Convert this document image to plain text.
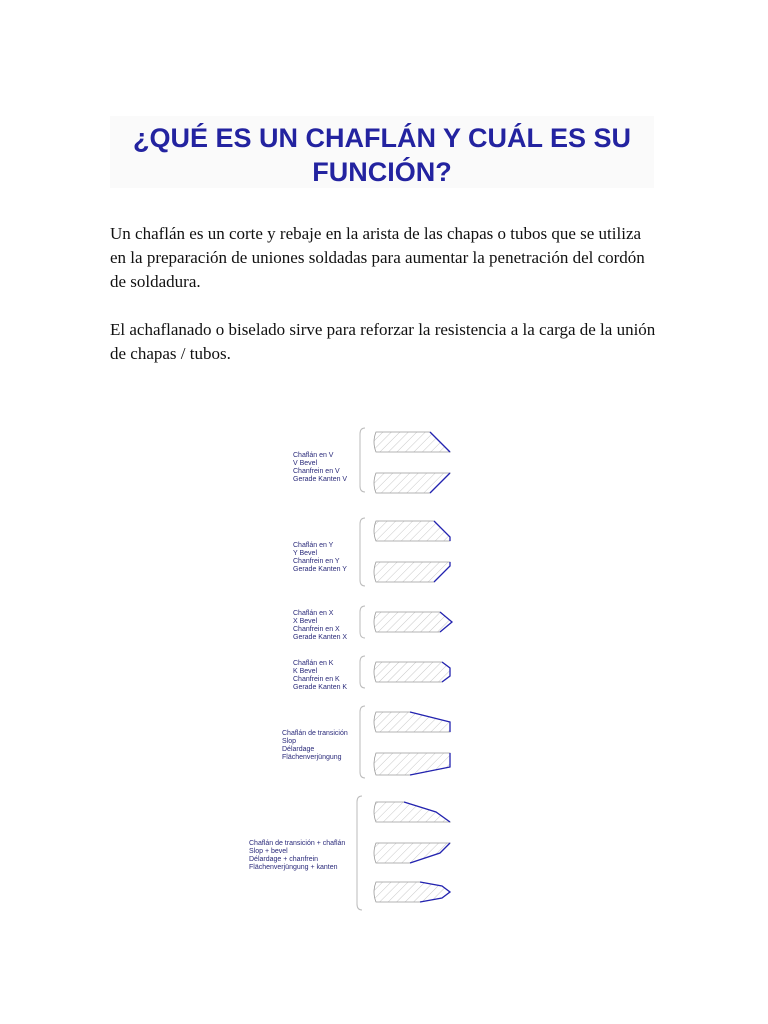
¿QUÉ ES UN CHAFLÁN Y CUÁL ES SU
FUNCIÓN?

Un chaflán es un corte y rebaje en la arista de las chapas o tubos que se utiliza en la preparación de uniones soldadas para aumentar la penetración del cordón de soldadura.

El achaflanado o biselado sirve para reforzar la resistencia a la carga de la unión de chapas / tubos.

Chaflán en V
V Bevel
Chanfrein en V
Gerade Kanten V
Chaflán en Y
Y Bevel
Chanfrein en Y
Gerade Kanten Y
Chaflán en X
X Bevel
Chanfrein en X
Gerade Kanten X
Chaflán en K
K Bevel
Chanfrein en K
Gerade Kanten K
Chaflán de transición
Slop
Délardage
Flächenverjüngung
Chaflán de transición + chaflán
Slop + bevel
Délardage + chanfrein
Flächenverjüngung + kanten
